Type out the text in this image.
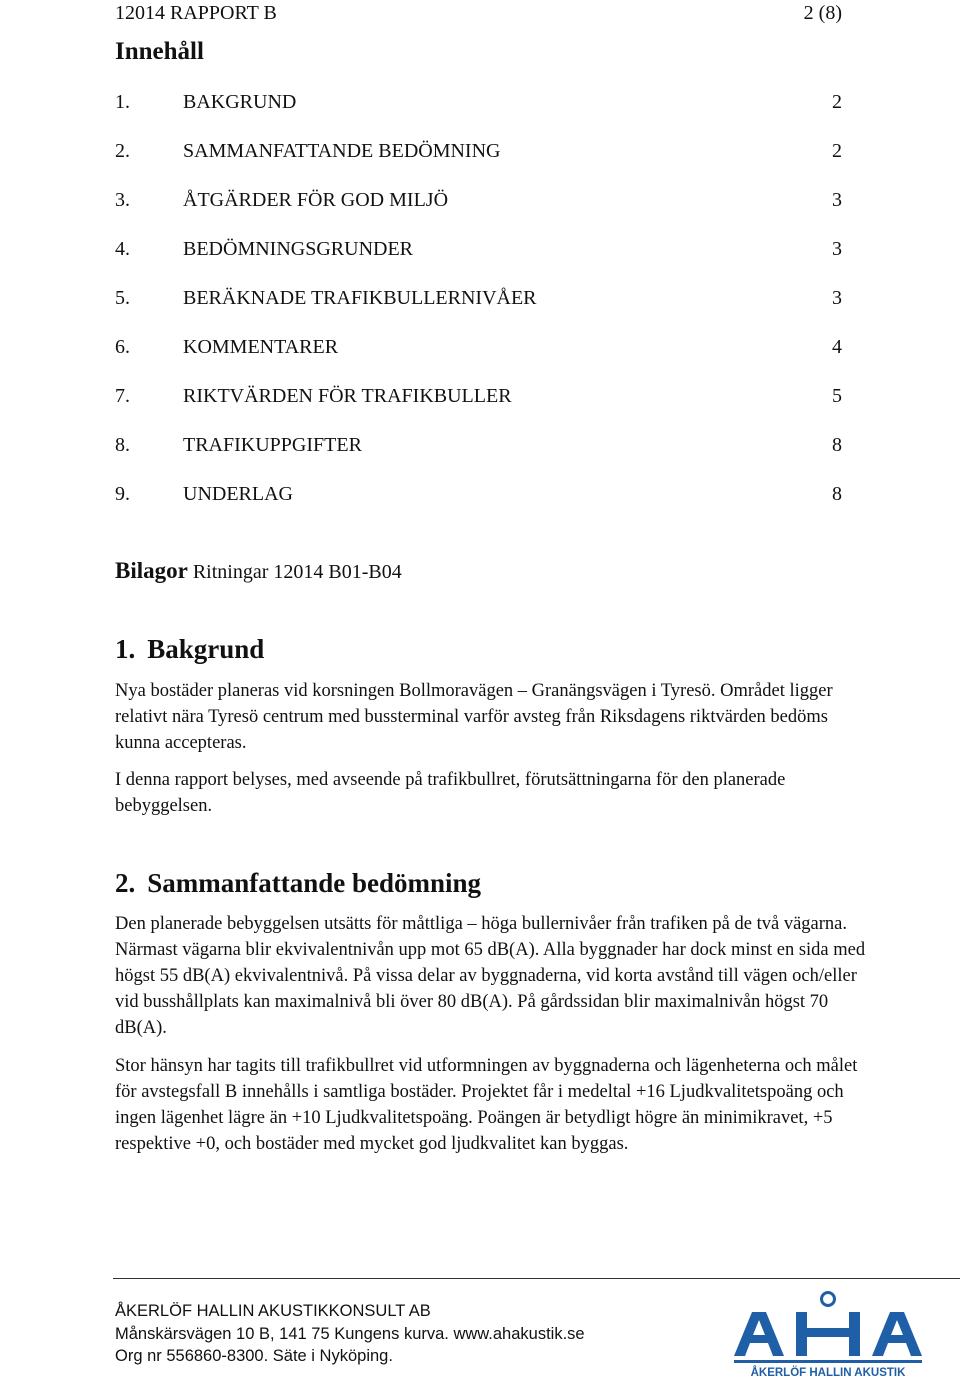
12014 RAPPORT B	2 (8)
Innehåll
1.	BAKGRUND	2
2.	SAMMANFATTANDE BEDÖMNING	2
3.	ÅTGÄRDER FÖR GOD MILJÖ	3
4.	BEDÖMNINGSGRUNDER	3
5.	BERÄKNADE TRAFIKBULLERNIVÅER	3
6.	KOMMENTARER	4
7.	RIKTVÄRDEN FÖR TRAFIKBULLER	5
8.	TRAFIKUPPGIFTER	8
9.	UNDERLAG	8
Bilagor Ritningar 12014 B01-B04
1. Bakgrund
Nya bostäder planeras vid korsningen Bollmoravägen – Granängsvägen i Tyresö. Området ligger relativt nära Tyresö centrum med bussterminal varför avsteg från Riksdagens riktvärden bedöms kunna accepteras.
I denna rapport belyses, med avseende på trafikbullret, förutsättningarna för den planerade bebyggelsen.
2. Sammanfattande bedömning
Den planerade bebyggelsen utsätts för måttliga – höga bullernivåer från trafiken på de två vägarna. Närmast vägarna blir ekvivalentnivån upp mot 65 dB(A). Alla byggnader har dock minst en sida med högst 55 dB(A) ekvivalentnivå. På vissa delar av byggnaderna, vid korta avstånd till vägen och/eller vid busshållplats kan maximalnivå bli över 80 dB(A). På gårdssidan blir maximalnivån högst 70 dB(A).
Stor hänsyn har tagits till trafikbullret vid utformningen av byggnaderna och lägenheterna och målet för avstegsfall B innehålls i samtliga bostäder. Projektet får i medeltal +16 Ljudkvalitetspoäng och ingen lägenhet lägre än +10 Ljudkvalitetspoäng. Poängen är betydligt högre än minimikravet, +5 respektive +0, och bostäder med mycket god ljudkvalitet kan byggas.
ÅKERLÖF HALLIN AKUSTIKKONSULT AB
Månskärsvägen 10 B, 141 75 Kungens kurva. www.ahakustik.se
Org nr 556860-8300. Säte i Nyköping.
ÅKERLÖF HALLIN AKUSTIK
